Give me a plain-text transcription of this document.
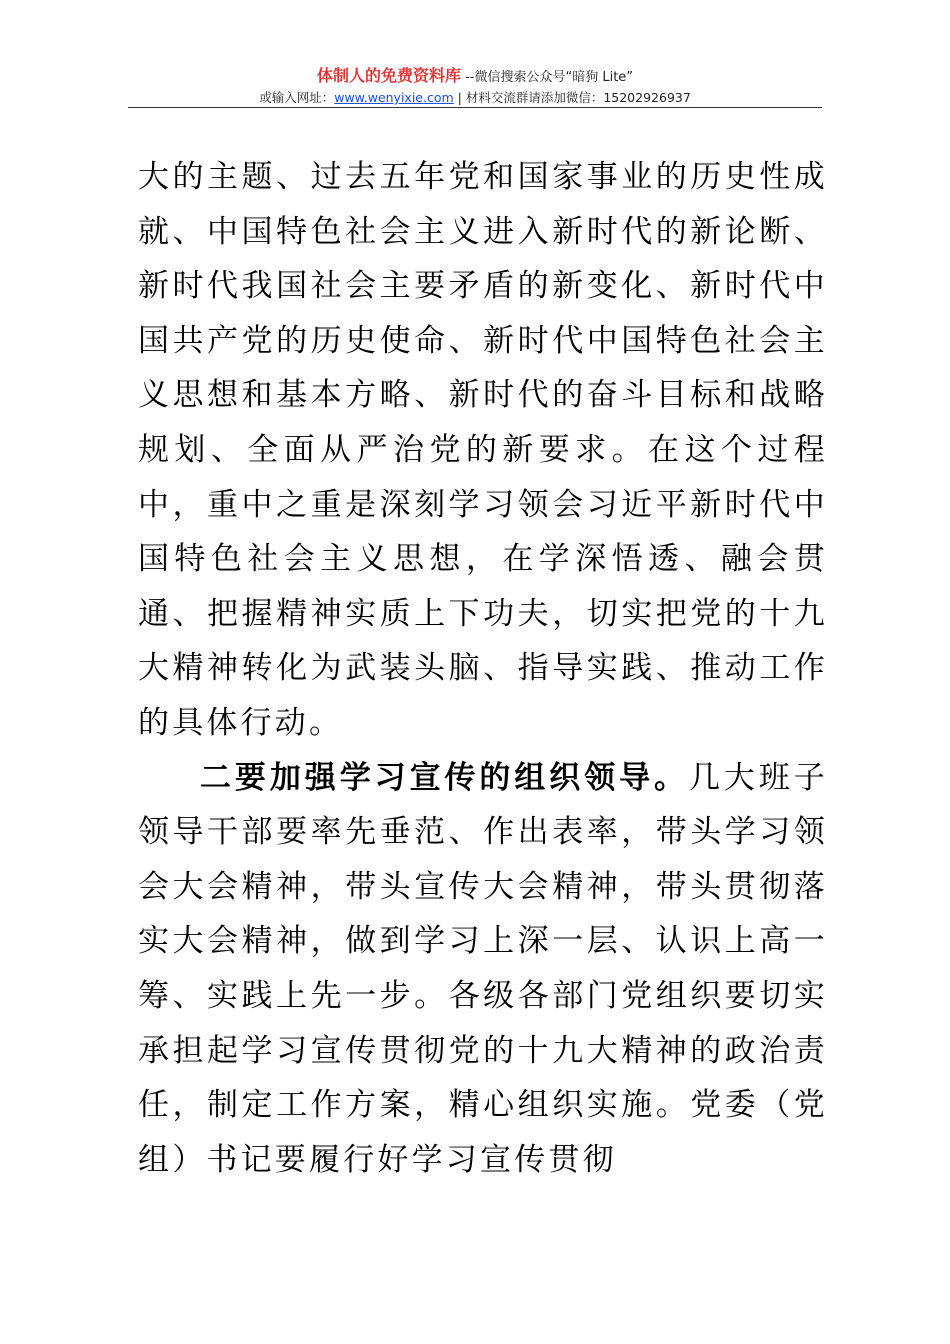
体制人的免费资料库 --微信搜索公众号“暗狗 Lite”
或输入网址：www.wenyixie.com | 材料交流群请添加微信：15202926937

大的主题、过去五年党和国家事业的历史性成就、中国特色社会主义进入新时代的新论断、新时代我国社会主要矛盾的新变化、新时代中国共产党的历史使命、新时代中国特色社会主义思想和基本方略、新时代的奋斗目标和战略规划、全面从严治党的新要求。在这个过程中，重中之重是深刻学习领会习近平新时代中国特色社会主义思想，在学深悟透、融会贯通、把握精神实质上下功夫，切实把党的十九大精神转化为武装头脑、指导实践、推动工作的具体行动。

二要加强学习宣传的组织领导。几大班子领导干部要率先垂范、作出表率，带头学习领会大会精神，带头宣传大会精神，带头贯彻落实大会精神，做到学习上深一层、认识上高一筹、实践上先一步。各级各部门党组织要切实承担起学习宣传贯彻党的十九大精神的政治责任，制定工作方案，精心组织实施。党委（党组）书记要履行好学习宣传贯彻
